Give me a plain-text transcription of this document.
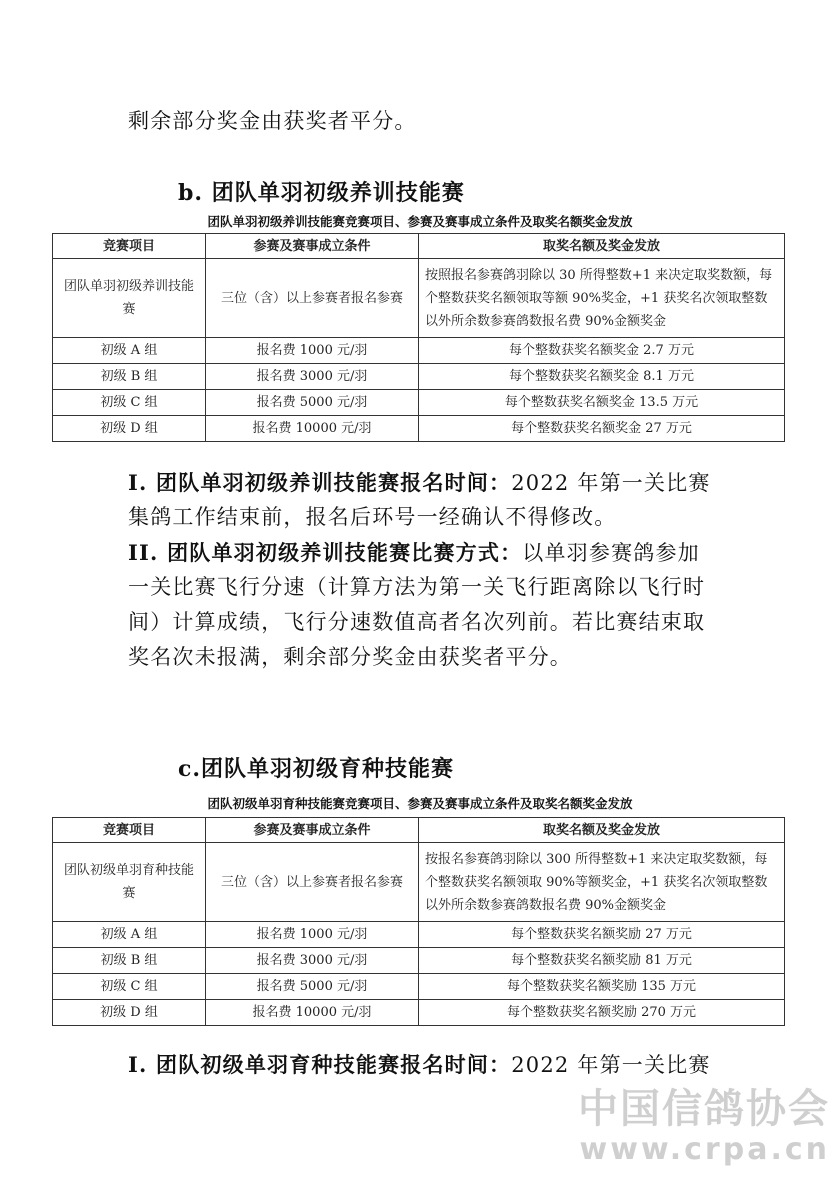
剩余部分奖金由获奖者平分。

b. 团队单羽初级养训技能赛

团队单羽初级养训技能赛竞赛项目、参赛及赛事成立条件及取奖名额奖金发放

竞赛项目	参赛及赛事成立条件	取奖名额及奖金发放
团队单羽初级养训技能赛	三位（含）以上参赛者报名参赛	按照报名参赛鸽羽除以 30 所得整数+1 来决定取奖数额，每个整数获奖名额领取等额 90%奖金，+1 获奖名次领取整数以外所余数参赛鸽数报名费 90%金额奖金
初级 A 组	报名费 1000 元/羽	每个整数获奖名额奖金 2.7 万元
初级 B 组	报名费 3000 元/羽	每个整数获奖名额奖金 8.1 万元
初级 C 组	报名费 5000 元/羽	每个整数获奖名额奖金 13.5 万元
初级 D 组	报名费 10000 元/羽	每个整数获奖名额奖金 27 万元

I. 团队单羽初级养训技能赛报名时间：2022 年第一关比赛

集鸽工作结束前，报名后环号一经确认不得修改。

II. 团队单羽初级养训技能赛比赛方式：以单羽参赛鸽参加

一关比赛飞行分速（计算方法为第一关飞行距离除以飞行时

间）计算成绩，飞行分速数值高者名次列前。若比赛结束取

奖名次未报满，剩余部分奖金由获奖者平分。

c.团队单羽初级育种技能赛

团队初级单羽育种技能赛竞赛项目、参赛及赛事成立条件及取奖名额奖金发放

竞赛项目	参赛及赛事成立条件	取奖名额及奖金发放
团队初级单羽育种技能赛	三位（含）以上参赛者报名参赛	按报名参赛鸽羽除以 300 所得整数+1 来决定取奖数额，每个整数获奖名额领取 90%等额奖金，+1 获奖名次领取整数以外所余数参赛鸽数报名费 90%金额奖金
初级 A 组	报名费 1000 元/羽	每个整数获奖名额奖励 27 万元
初级 B 组	报名费 3000 元/羽	每个整数获奖名额奖励 81 万元
初级 C 组	报名费 5000 元/羽	每个整数获奖名额奖励 135 万元
初级 D 组	报名费 10000 元/羽	每个整数获奖名额奖励 270 万元

I. 团队初级单羽育种技能赛报名时间：2022 年第一关比赛

中国信鸽协会
www.crpa.cn
